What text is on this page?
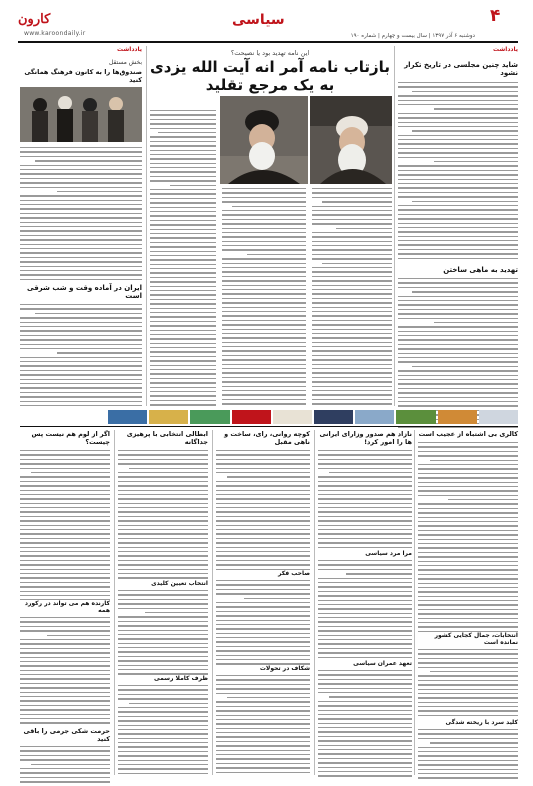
۴
سیاسی
دوشنبه ۶ آذر ۱۳۹۷ | سال بیست و چهارم | شماره ۱۹۰
کارون
www.karoondaily.ir
یادداشت
شاید چنین مجلسی در تاریخ تکرار نشود
تهدید به ماهی ساختن
این نامه تهدید بود یا نصیحت؟
بازتاب نامه آمر انه آیت الله یزدی به یک مرجع تقلید
یادداشت
بخش مستقل
صندوق‌ها را به کانون فرهنگ همانگی کنید
ایران در آماده وقت و شب شرقی است
کالری بی اشتباه از عجیب است
انتخابات، جمال کجایی کشور نمانده است
کلید سرد با ریخته شدگی
نازاد هم صدور وزارای ایرانی ها را امور کرد!
مرا مرد سیاسی
تعهد عمران سیاسی
کوچه روانی، رای، ساخت و ناهی مقبل
صاحب فکر
شکاف در تحولات
ابطالی انتخابی با پرهیزی جداگانه
انتخاب تعیین کلیدی
ظرف کاملا رسمی
اگر از لوم هم نیست پس چیست؟
کارنده هم می تواند در رکورد همه
حرمت شکی جرمی را باقی کنید
